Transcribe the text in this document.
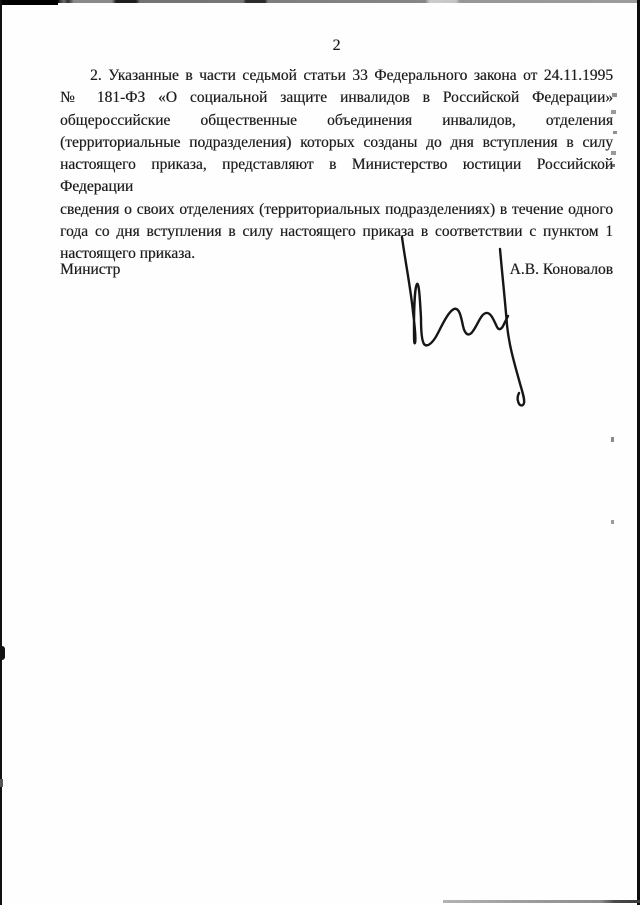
2
2. Указанные в части седьмой статьи 33 Федерального закона от 24.11.1995
№ 181-ФЗ «О социальной защите инвалидов в Российской Федерации»
общероссийские общественные объединения инвалидов, отделения
(территориальные подразделения) которых созданы до дня вступления в силу
настоящего приказа, представляют в Министерство юстиции Российской Федерации
сведения о своих отделениях (территориальных подразделениях) в течение одного
года со дня вступления в силу настоящего приказа в соответствии с пунктом 1
настоящего приказа.
Министр	А.В. Коновалов
